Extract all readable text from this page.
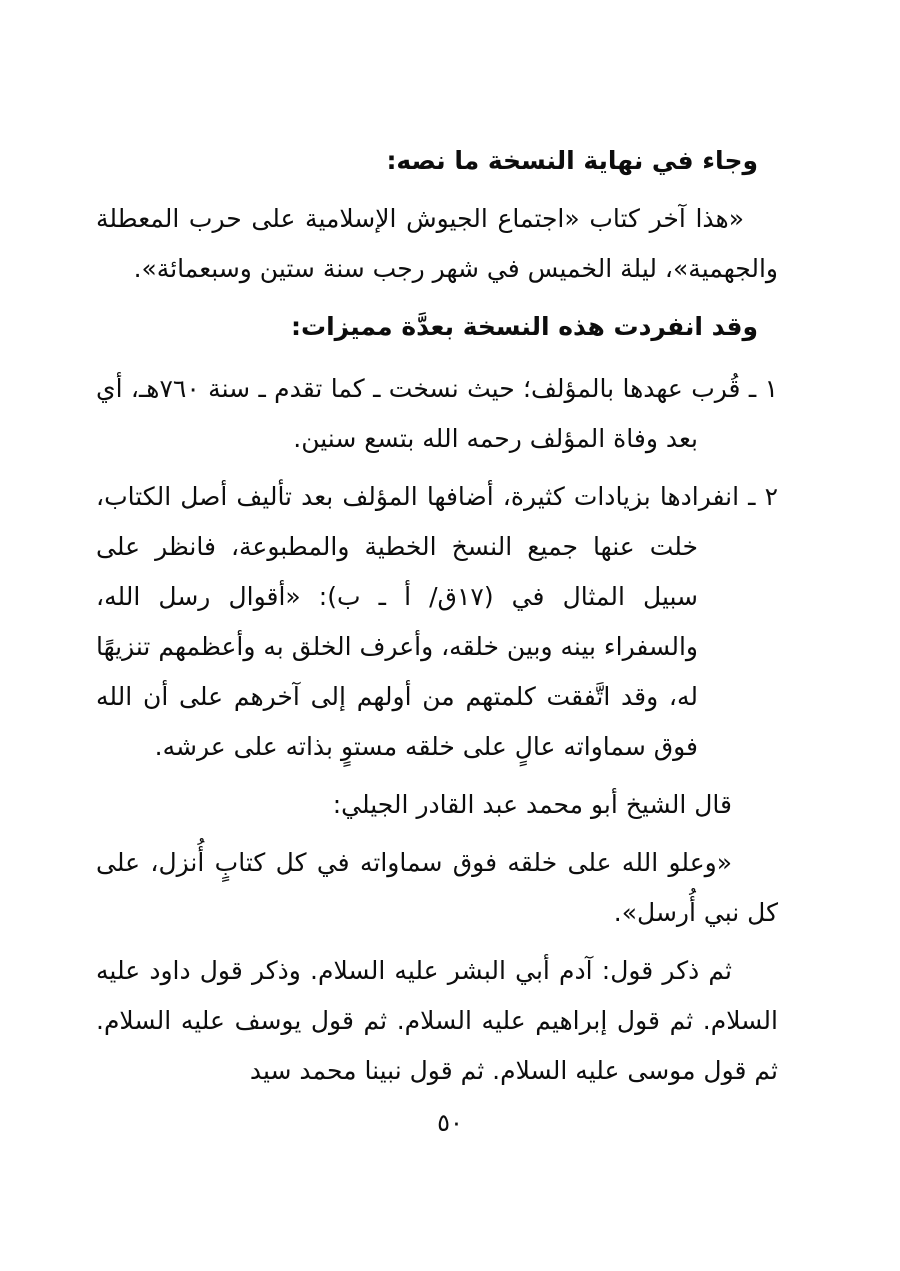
وجاء في نهاية النسخة ما نصه:

«هذا آخر كتاب «اجتماع الجيوش الإسلامية على حرب المعطلة والجهمية»، ليلة الخميس في شهر رجب سنة ستين وسبعمائة».

وقد انفردت هذه النسخة بعدَّة مميزات:

١ ـ قُرب عهدها بالمؤلف؛ حيث نسخت ـ كما تقدم ـ سنة ٧٦٠هـ، أي بعد وفاة المؤلف رحمه الله بتسع سنين.

٢ ـ انفرادها بزيادات كثيرة، أضافها المؤلف بعد تأليف أصل الكتاب، خلت عنها جميع النسخ الخطية والمطبوعة، فانظر على سبيل المثال في (١٧ق/ أ ـ ب): «أقوال رسل الله، والسفراء بينه وبين خلقه، وأعرف الخلق به وأعظمهم تنزيهًا له، وقد اتَّفقت كلمتهم من أولهم إلى آخرهم على أن الله فوق سماواته عالٍ على خلقه مستوٍ بذاته على عرشه.

قال الشيخ أبو محمد عبد القادر الجيلي:

«وعلو الله على خلقه فوق سماواته في كل كتابٍ أُنزل، على كل نبي أُرسل».

ثم ذكر قول: آدم أبي البشر عليه السلام. وذكر قول داود عليه السلام. ثم قول إبراهيم عليه السلام. ثم قول يوسف عليه السلام. ثم قول موسى عليه السلام. ثم قول نبينا محمد سيد

٥٠
